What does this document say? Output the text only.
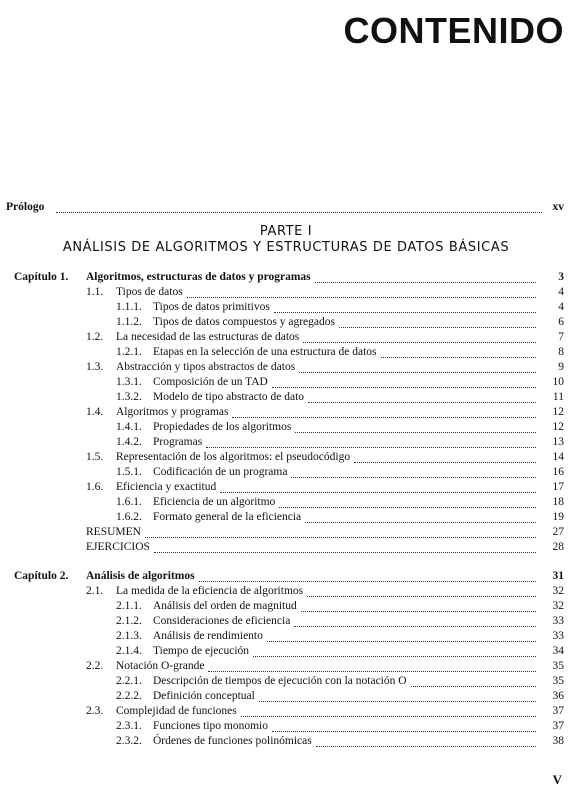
CONTENIDO
Prólogo	xv
PARTE I
ANÁLISIS DE ALGORITMOS Y ESTRUCTURAS DE DATOS BÁSICAS
Capítulo 1. Algoritmos, estructuras de datos y programas	3
1.1. Tipos de datos	4
1.1.1. Tipos de datos primitivos	4
1.1.2. Tipos de datos compuestos y agregados	6
1.2. La necesidad de las estructuras de datos	7
1.2.1. Etapas en la selección de una estructura de datos	8
1.3. Abstracción y tipos abstractos de datos	9
1.3.1. Composición de un TAD	10
1.3.2. Modelo de tipo abstracto de dato	11
1.4. Algoritmos y programas	12
1.4.1. Propiedades de los algoritmos	12
1.4.2. Programas	13
1.5. Representación de los algoritmos: el pseudocódigo	14
1.5.1. Codificación de un programa	16
1.6. Eficiencia y exactitud	17
1.6.1. Eficiencia de un algoritmo	18
1.6.2. Formato general de la eficiencia	19
RESUMEN	27
EJERCICIOS	28
Capítulo 2. Análisis de algoritmos	31
2.1. La medida de la eficiencia de algoritmos	32
2.1.1. Análisis del orden de magnitud	32
2.1.2. Consideraciones de eficiencia	33
2.1.3. Análisis de rendimiento	33
2.1.4. Tiempo de ejecución	34
2.2. Notación O-grande	35
2.2.1. Descripción de tiempos de ejecución con la notación O	35
2.2.2. Definición conceptual	36
2.3. Complejidad de funciones	37
2.3.1. Funciones tipo monomio	37
2.3.2. Órdenes de funciones polinómicas	38
V
